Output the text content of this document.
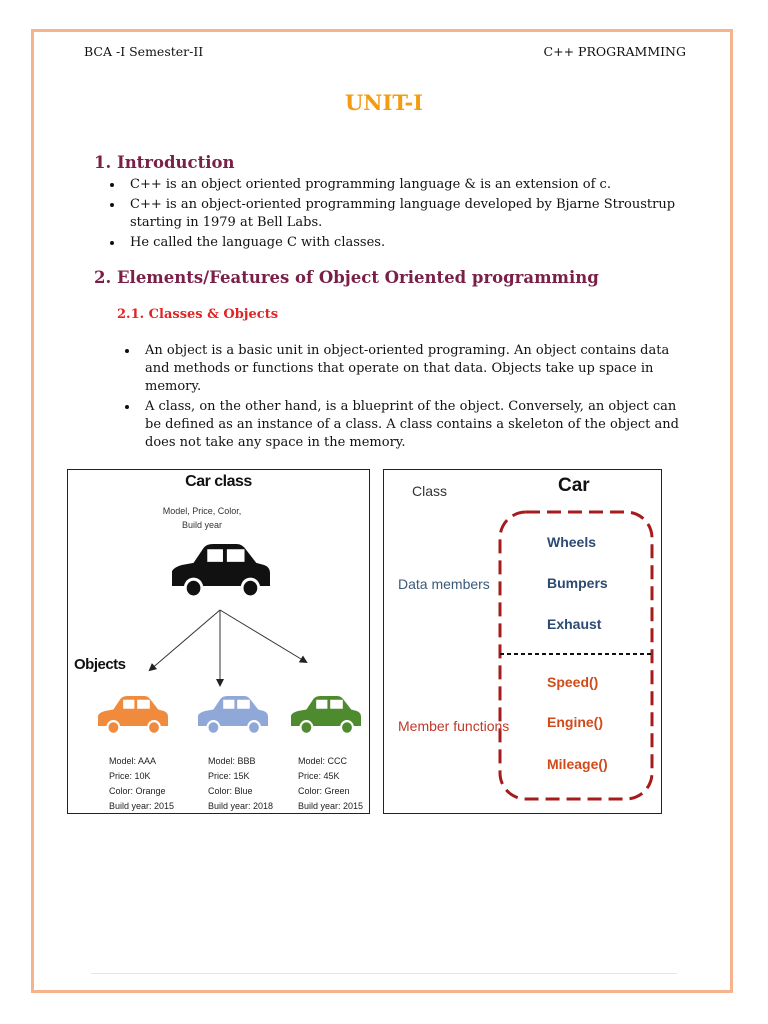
BCA -I Semester-II	C++ PROGRAMMING
UNIT-I
1. Introduction
• C++ is an object oriented programming language & is an extension of c.
• C++ is an object-oriented programming language developed by Bjarne Stroustrup starting in 1979 at Bell Labs.
• He called the language C with classes.
2. Elements/Features of Object Oriented programming
2.1. Classes & Objects
• An object is a basic unit in object-oriented programing. An object contains data and methods or functions that operate on that data. Objects take up space in memory.
• A class, on the other hand, is a blueprint of the object. Conversely, an object can be defined as an instance of a class. A class contains a skeleton of the object and does not take any space in the memory.
Car class
Model, Price, Color, Build year
Objects
Model: AAA
Price: 10K
Color: Orange
Build year: 2015
Model: BBB
Price: 15K
Color: Blue
Build year: 2018
Model: CCC
Price: 45K
Color: Green
Build year: 2015
Class	Car
Data members
Member functions
Wheels
Bumpers
Exhaust
Speed()
Engine()
Mileage()
